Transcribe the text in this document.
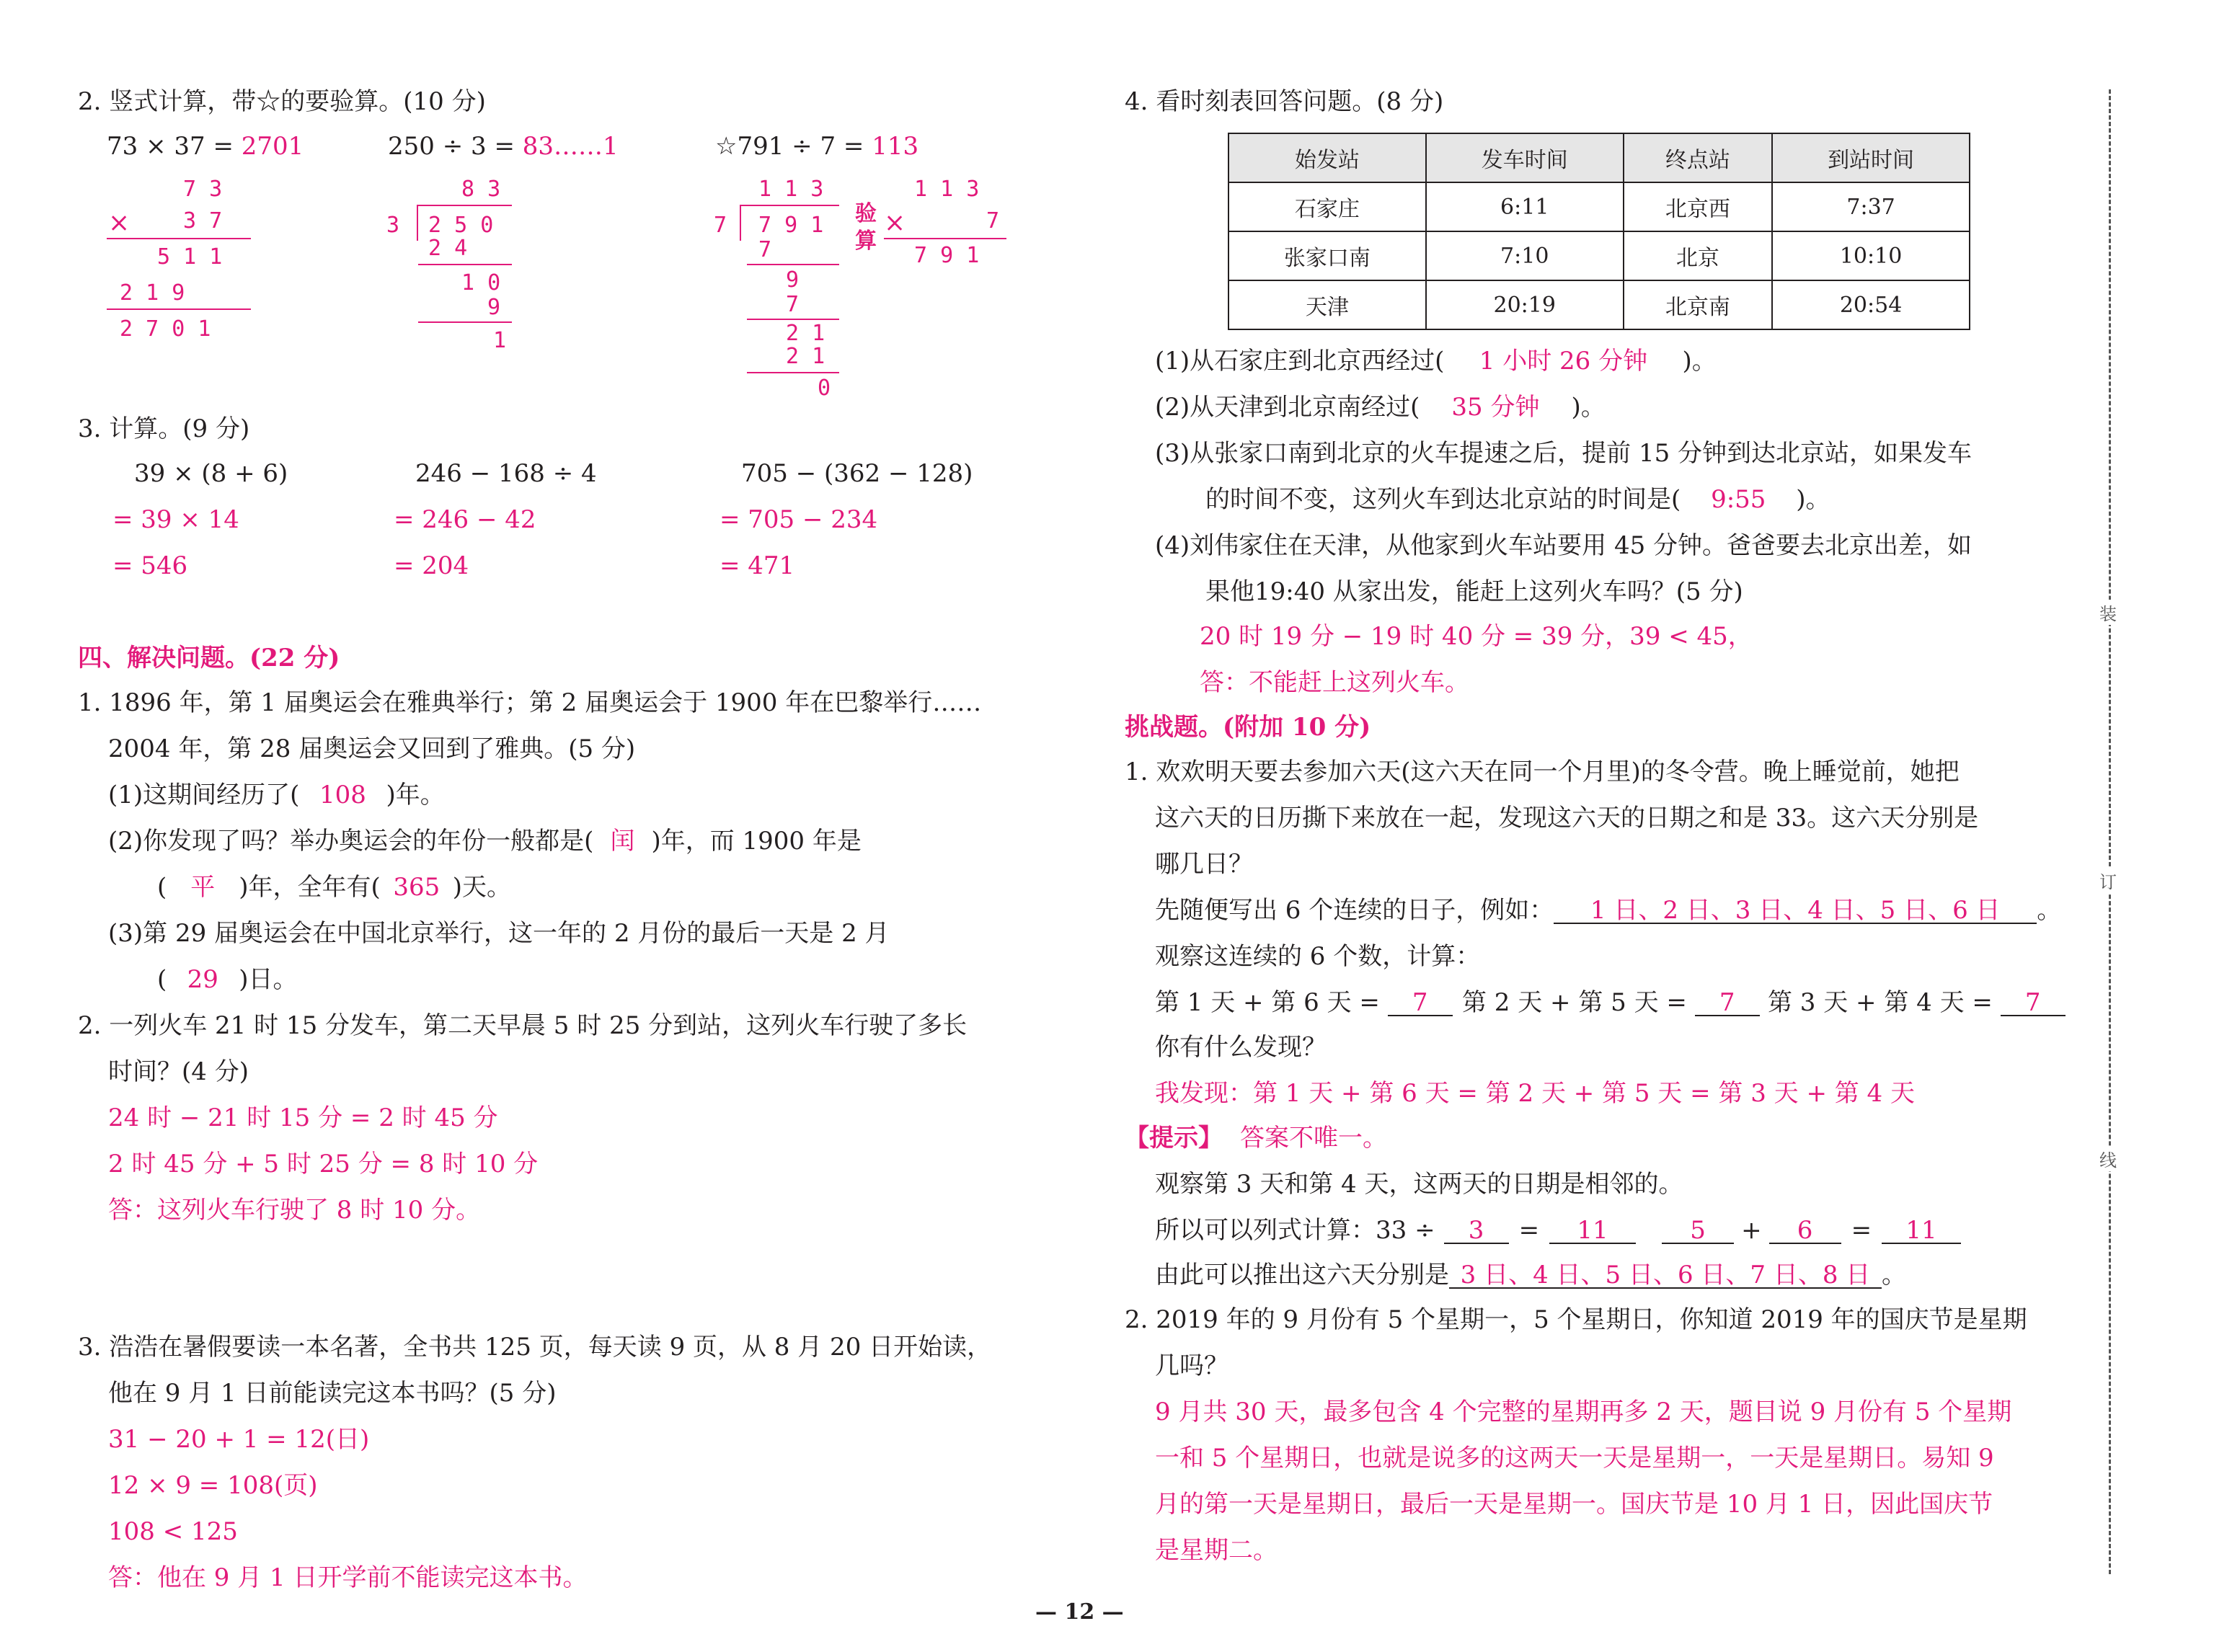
2. 竖式计算，带☆的要验算。(10 分)
73 × 37 = 2701	250 ÷ 3 = 83……1	☆791 ÷ 7 = 113
7 3
× 3 7
5 1 1
2 1 9
2 7 0 1
8 3
3 2 5 0
2 4
1 0
9
1
1 1 3
7 7 9 1
7
9
7
2 1
2 1
0
验
算
1 1 3
×	7
7 9 1
3. 计算。(9 分)
39 × (8 + 6)
= 39 × 14
= 546
246 − 168 ÷ 4
= 246 − 42
= 204
705 − (362 − 128)
= 705 − 234
= 471
四、解决问题。(22 分)
1. 1896 年，第 1 届奥运会在雅典举行；第 2 届奥运会于 1900 年在巴黎举行……
2004 年，第 28 届奥运会又回到了雅典。(5 分)
(1)这期间经历了( 108 )年。
(2)你发现了吗？举办奥运会的年份一般都是( 闰 )年，而 1900 年是
( 平 )年，全年有( 365 )天。
(3)第 29 届奥运会在中国北京举行，这一年的 2 月份的最后一天是 2 月
( 29 )日。
2. 一列火车 21 时 15 分发车，第二天早晨 5 时 25 分到站，这列火车行驶了多长
时间？(4 分)
24 时 − 21 时 15 分 = 2 时 45 分
2 时 45 分 + 5 时 25 分 = 8 时 10 分
答：这列火车行驶了 8 时 10 分。
3. 浩浩在暑假要读一本名著，全书共 125 页，每天读 9 页，从 8 月 20 日开始读，
他在 9 月 1 日前能读完这本书吗？(5 分)
31 − 20 + 1 = 12(日)
12 × 9 = 108(页)
108 < 125
答：他在 9 月 1 日开学前不能读完这本书。
4. 看时刻表回答问题。(8 分)
始发站	发车时间	终点站	到站时间
石家庄	6:11	北京西	7:37
张家口南	7:10	北京	10:10
天津	20:19	北京南	20:54
(1)从石家庄到北京西经过( 1 小时 26 分钟 )。
(2)从天津到北京南经过( 35 分钟 )。
(3)从张家口南到北京的火车提速之后，提前 15 分钟到达北京站，如果发车
的时间不变，这列火车到达北京站的时间是( 9:55 )。
(4)刘伟家住在天津，从他家到火车站要用 45 分钟。爸爸要去北京出差，如
果他19:40 从家出发，能赶上这列火车吗？(5 分)
20 时 19 分 − 19 时 40 分 = 39 分，39 < 45，
答：不能赶上这列火车。
挑战题。(附加 10 分)
1. 欢欢明天要去参加六天(这六天在同一个月里)的冬令营。晚上睡觉前，她把
这六天的日历撕下来放在一起，发现这六天的日期之和是 33。这六天分别是
哪几日？
先随便写出 6 个连续的日子，例如： 1 日、2 日、3 日、4 日、5 日、6 日 。
观察这连续的 6 个数，计算：
第 1 天 + 第 6 天 = 7	第 2 天 + 第 5 天 = 7	第 3 天 + 第 4 天 = 7
你有什么发现？
我发现：第 1 天 + 第 6 天 = 第 2 天 + 第 5 天 = 第 3 天 + 第 4 天
【提示】 答案不唯一。
观察第 3 天和第 4 天，这两天的日期是相邻的。
所以可以列式计算：33 ÷ 3 = 11	5 + 6 = 11
由此可以推出这六天分别是 3 日、4 日、5 日、6 日、7 日、8 日 。
2. 2019 年的 9 月份有 5 个星期一，5 个星期日，你知道 2019 年的国庆节是星期
几吗？
9 月共 30 天，最多包含 4 个完整的星期再多 2 天，题目说 9 月份有 5 个星期
一和 5 个星期日，也就是说多的这两天一天是星期一，一天是星期日。易知 9
月的第一天是星期日，最后一天是星期一。国庆节是 10 月 1 日，因此国庆节
是星期二。
装
订
线
— 12 —
